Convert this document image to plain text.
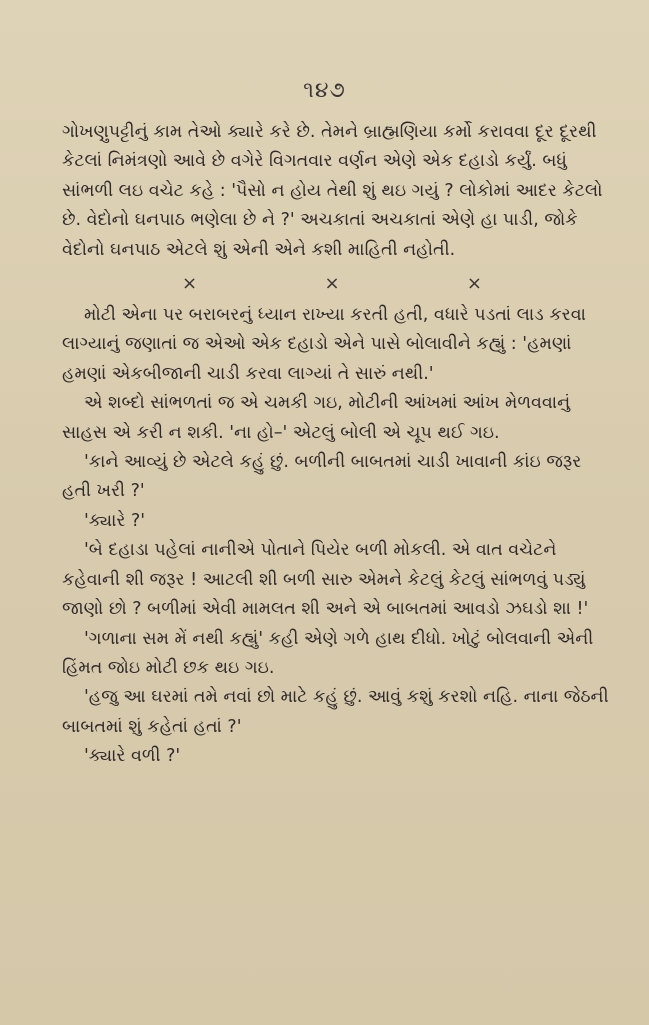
૧૪૭

ગોખણુપટ્ટીનું કામ તેઓ ક્યારે કરે છે. તેમને બ્રાહ્મણિયા કર્મો કરાવવા દૂર દૂરથી કેટલાં નિમંત્રણો આવે છે વગેરે વિગતવાર વર્ણન એણે એક દહાડો કર્યું. બધું સાંભળી લઇ વચેટ કહે : 'પૈસો ન હોય તેથી શું થઇ ગયું ? લોકોમાં આદર કેટલો છે. વેદોનો ઘનપાઠ ભણેલા છે ને ?' અચકાતાં અચકાતાં એણે હા પાડી, જોકે વેદોનો ઘનપાઠ એટલે શું એની એને કશી માહિતી નહોતી.

×	×	×

મોટી એના પર બરાબરનું ધ્યાન રાખ્યા કરતી હતી, વધારે પડતાં લાડ કરવા લાગ્યાનું જણાતાં જ એઓ એક દહાડો એને પાસે બોલાવીને કહ્યું : 'હમણાં હમણાં એકબીજાની ચાડી કરવા લાગ્યાં તે સારું નથી.'

એ શબ્દો સાંભળતાં જ એ ચમકી ગઇ, મોટીની આંખમાં આંખ મેળવવાનું સાહસ એ કરી ન શકી. 'ના હો–' એટલું બોલી એ ચૂપ થઈ ગઇ.

'કાને આવ્યું છે એટલે કહું છું. બળીની બાબતમાં ચાડી ખાવાની કાંઇ જરૂર હતી ખરી ?'

'ક્યારે ?'

'બે દહાડા પહેલાં નાનીએ પોતાને પિયેર બળી મોકલી. એ વાત વચેટને કહેવાની શી જરૂર ! આટલી શી બળી સારુ એમને કેટલું કેટલું સાંભળવું પડ્યું જાણો છો ? બળીમાં એવી મામલત શી અને એ બાબતમાં આવડો ઝઘડો શા !'

'ગળાના સમ મેં નથી કહ્યું' કહી એણે ગળે હાથ દીધો. ખોટું બોલવાની એની હિંમત જોઇ મોટી છક થઇ ગઇ.

'હજુ આ ઘરમાં તમે નવાં છો માટે કહું છું. આવું કશું કરશો નહિ. નાના જેઠની બાબતમાં શું કહેતાં હતાં ?'

'ક્યારે વળી ?'
